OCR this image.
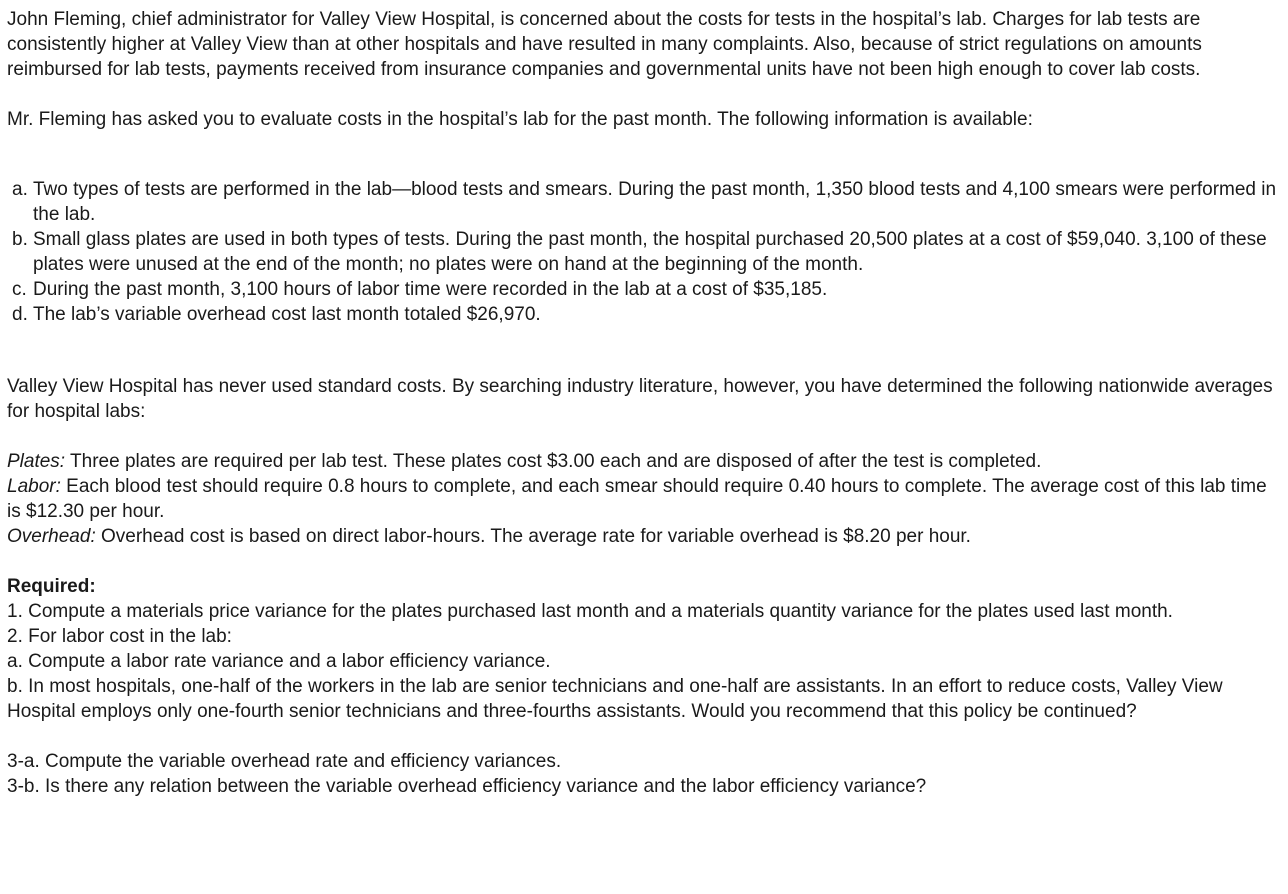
John Fleming, chief administrator for Valley View Hospital, is concerned about the costs for tests in the hospital’s lab. Charges for lab tests are consistently higher at Valley View than at other hospitals and have resulted in many complaints. Also, because of strict regulations on amounts reimbursed for lab tests, payments received from insurance companies and governmental units have not been high enough to cover lab costs.

Mr. Fleming has asked you to evaluate costs in the hospital’s lab for the past month. The following information is available:

a. Two types of tests are performed in the lab—blood tests and smears. During the past month, 1,350 blood tests and 4,100 smears were performed in the lab.
b. Small glass plates are used in both types of tests. During the past month, the hospital purchased 20,500 plates at a cost of $59,040. 3,100 of these plates were unused at the end of the month; no plates were on hand at the beginning of the month.
c. During the past month, 3,100 hours of labor time were recorded in the lab at a cost of $35,185.
d. The lab’s variable overhead cost last month totaled $26,970.

Valley View Hospital has never used standard costs. By searching industry literature, however, you have determined the following nationwide averages for hospital labs:

Plates: Three plates are required per lab test. These plates cost $3.00 each and are disposed of after the test is completed.

Labor: Each blood test should require 0.8 hours to complete, and each smear should require 0.40 hours to complete. The average cost of this lab time is $12.30 per hour.

Overhead: Overhead cost is based on direct labor-hours. The average rate for variable overhead is $8.20 per hour.

Required:

1. Compute a materials price variance for the plates purchased last month and a materials quantity variance for the plates used last month.

2. For labor cost in the lab:

a. Compute a labor rate variance and a labor efficiency variance.

b. In most hospitals, one-half of the workers in the lab are senior technicians and one-half are assistants. In an effort to reduce costs, Valley View Hospital employs only one-fourth senior technicians and three-fourths assistants. Would you recommend that this policy be continued?

3-a. Compute the variable overhead rate and efficiency variances.

3-b. Is there any relation between the variable overhead efficiency variance and the labor efficiency variance?
